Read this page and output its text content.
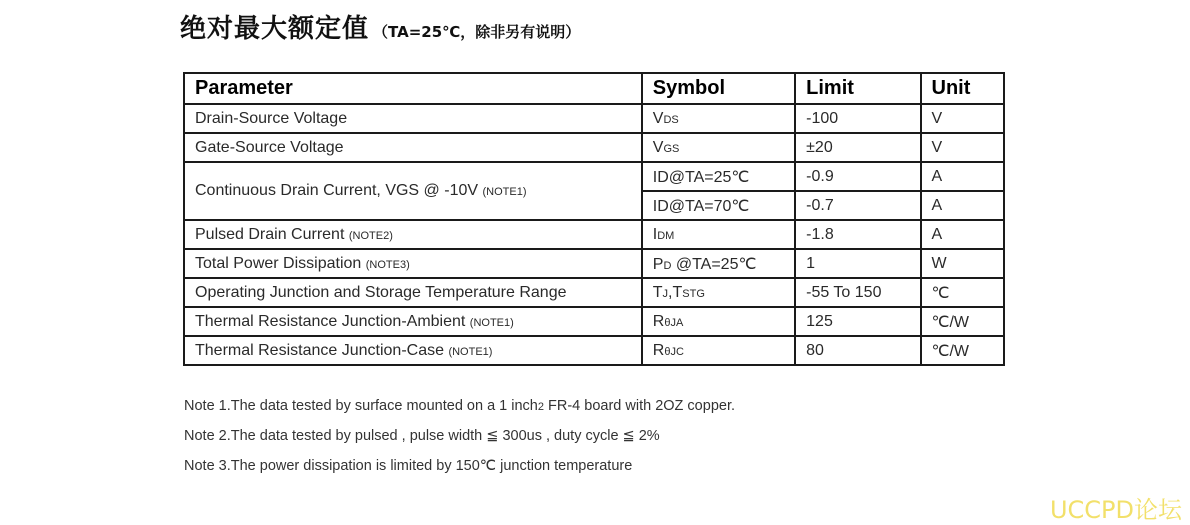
绝对最大额定值 （TA=25℃，除非另有说明）
Parameter	Symbol	Limit	Unit
Drain-Source Voltage	VDS	-100	V
Gate-Source Voltage	VGS	±20	V
Continuous Drain Current, VGS @ -10V (NOTE1)	ID@TA=25℃	-0.9	A
	ID@TA=70℃	-0.7	A
Pulsed Drain Current (NOTE2)	IDM	-1.8	A
Total Power Dissipation (NOTE3)	PD @TA=25℃	1	W
Operating Junction and Storage Temperature Range	TJ,TSTG	-55 To 150	℃
Thermal Resistance Junction-Ambient (NOTE1)	RθJA	125	℃/W
Thermal Resistance Junction-Case (NOTE1)	RθJC	80	℃/W
Note 1.The data tested by surface mounted on a 1 inch2 FR-4 board with 2OZ copper.
Note 2.The data tested by pulsed , pulse width ≦ 300us , duty cycle ≦ 2%
Note 3.The power dissipation is limited by 150℃ junction temperature
UCCPD论坛
